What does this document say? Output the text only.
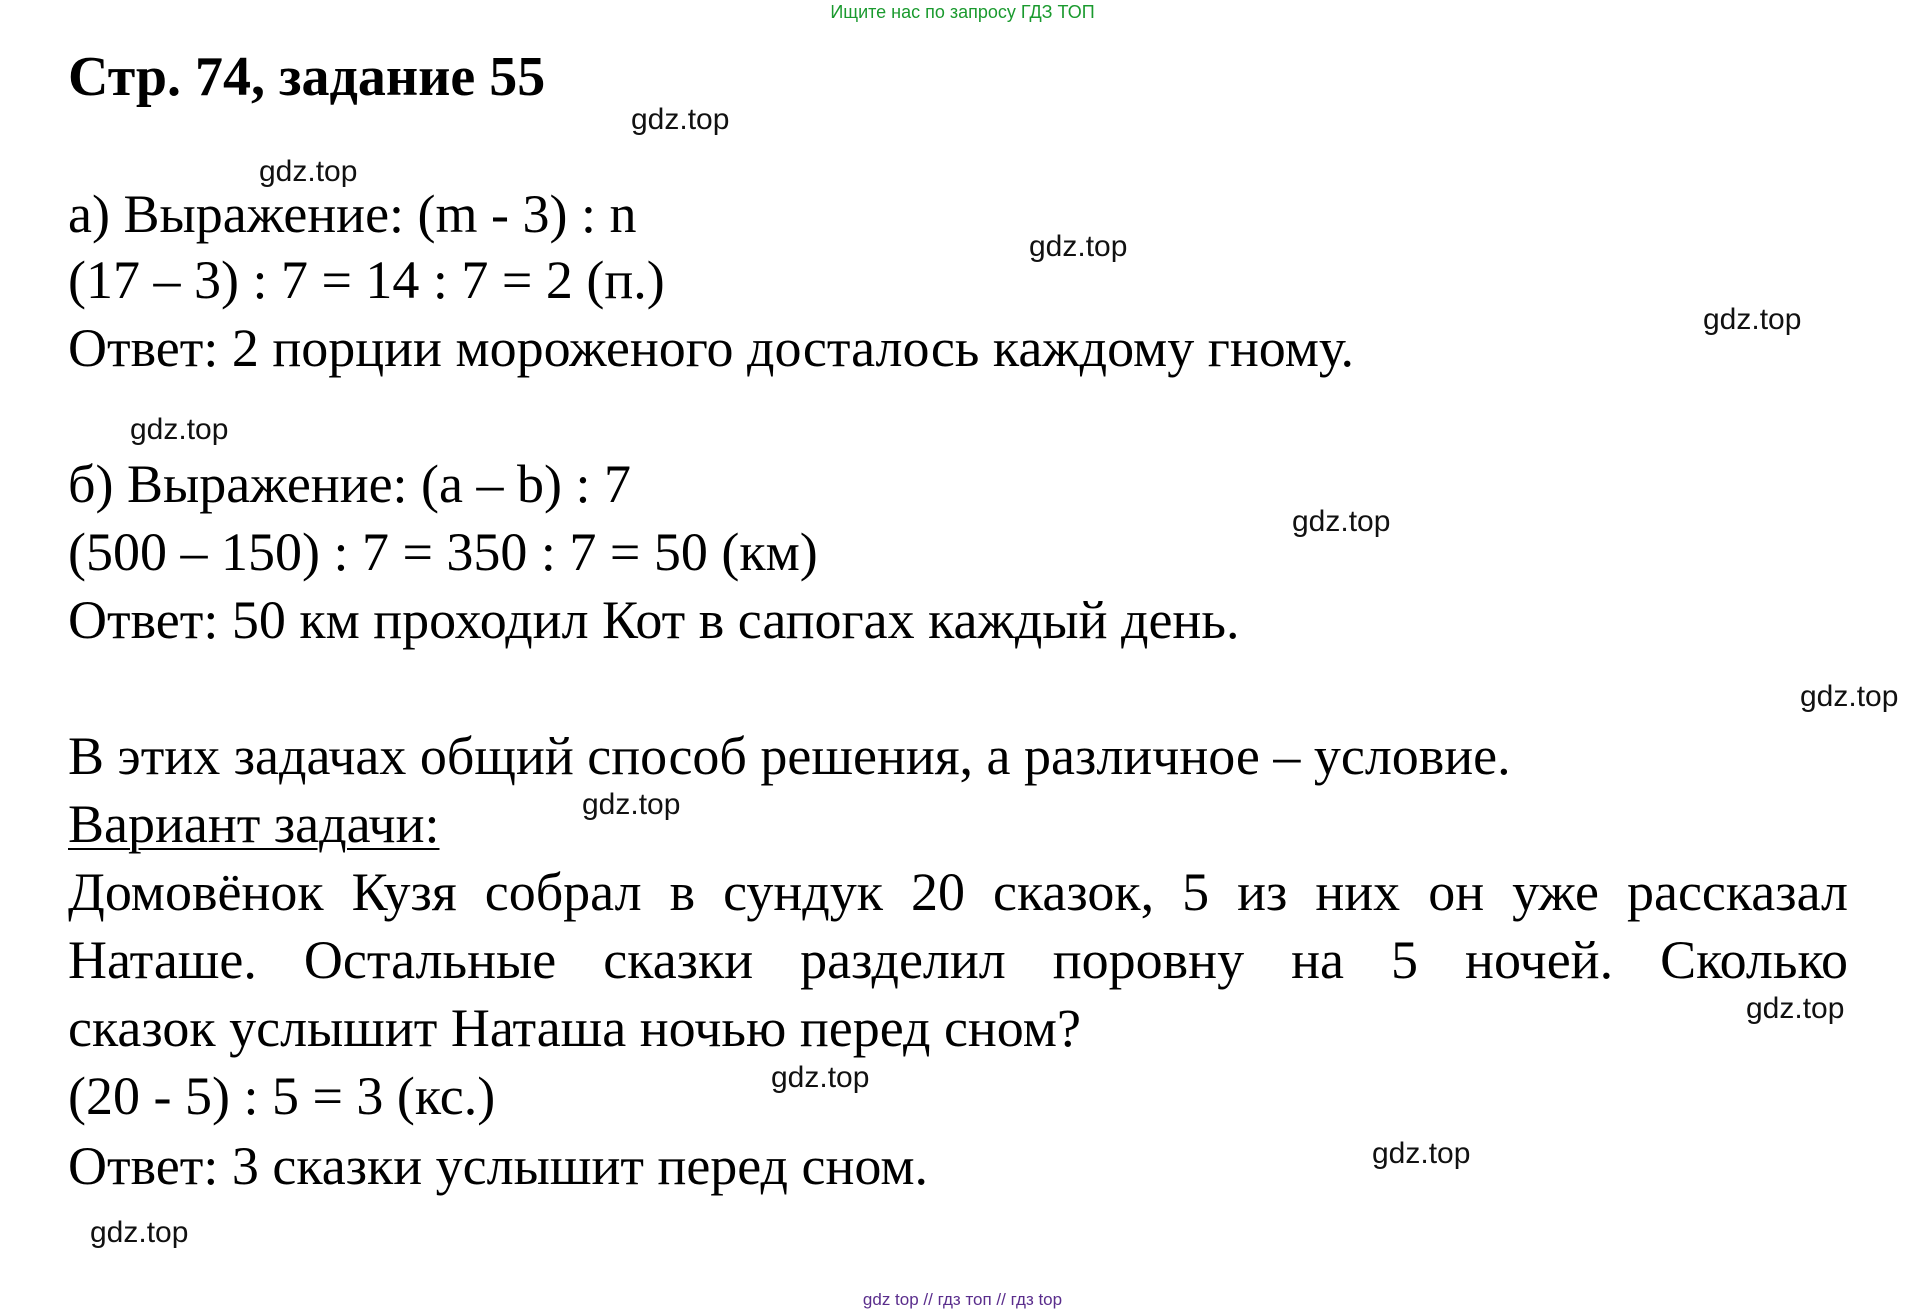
Ищите нас по запросу ГДЗ ТОП
Стр. 74, задание 55

а) Выражение: (m - 3) : n

(17 – 3) : 7 = 14 : 7 = 2 (п.)

Ответ: 2 порции мороженого досталось каждому гному.

б) Выражение: (a – b) : 7

(500 – 150) : 7 = 350 : 7 = 50 (км)

Ответ: 50 км проходил Кот в сапогах каждый день.

В этих задачах общий способ решения, а различное – условие.

Вариант задачи:

Домовёнок Кузя собрал в сундук 20 сказок, 5 из них он уже рассказал

Наташе. Остальные сказки разделил поровну на 5 ночей. Сколько

сказок услышит Наташа ночью перед сном?

(20 - 5) : 5 = 3 (кс.)

Ответ: 3 сказки услышит перед сном.

gdz.top
gdz.top
gdz.top
gdz.top
gdz.top
gdz.top
gdz.top
gdz.top
gdz.top
gdz.top
gdz.top
gdz.top
gdz top // гдз топ // гдз top
